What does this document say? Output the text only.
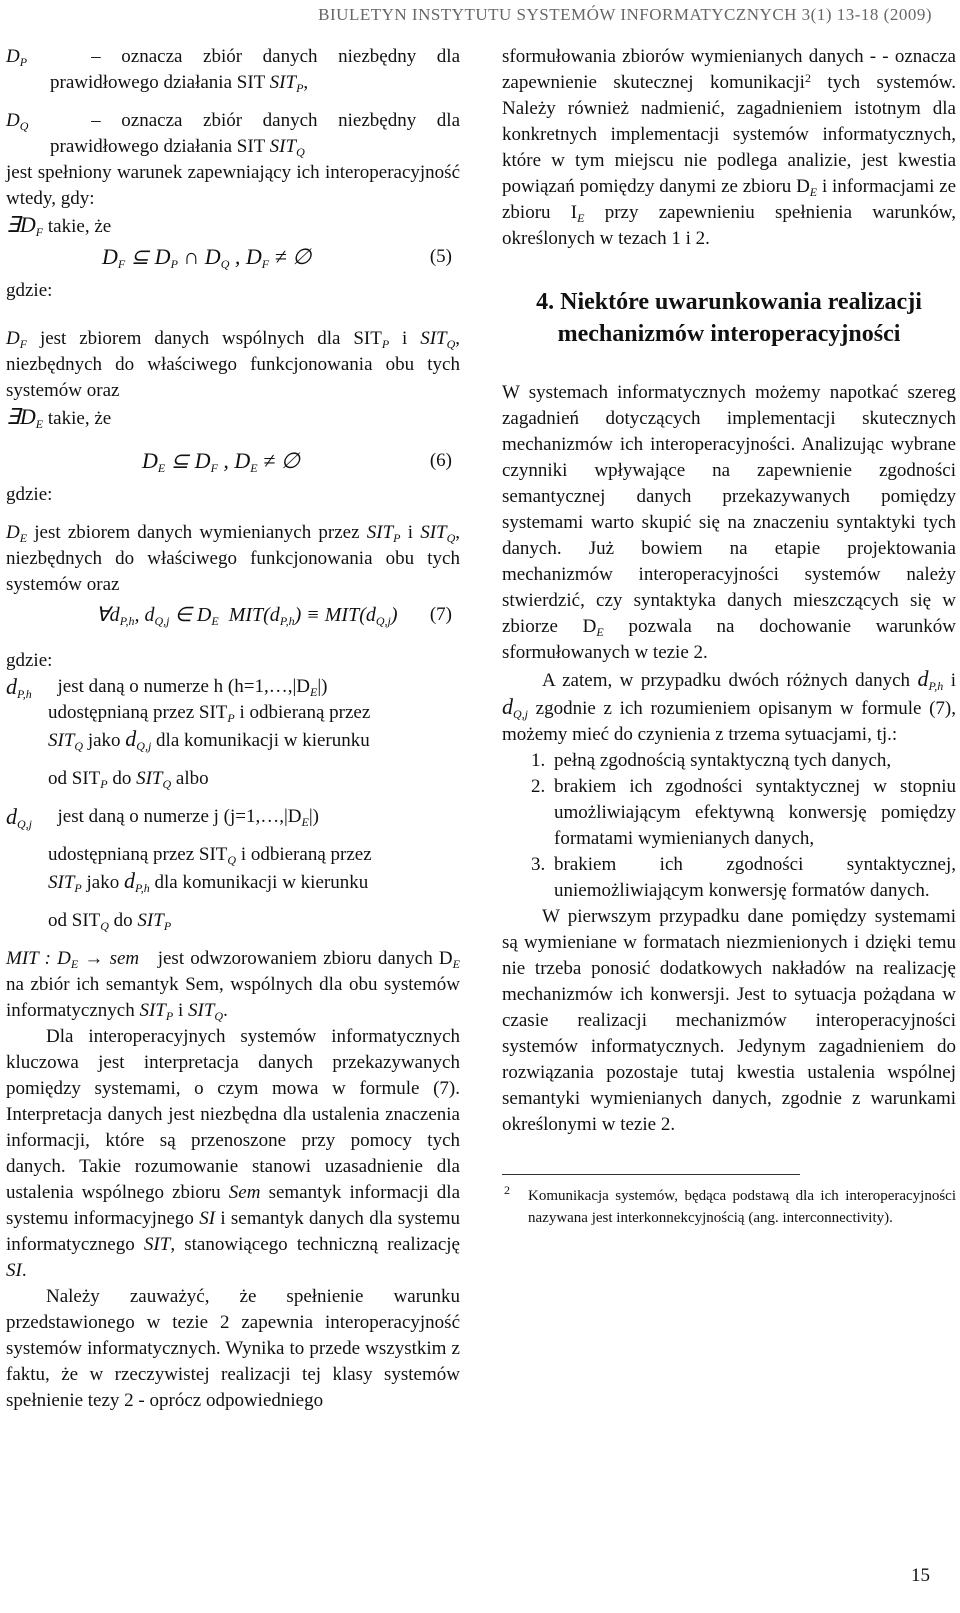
BIULETYN INSTYTUTU SYSTEMÓW INFORMATYCZNYCH 3(1) 13-18 (2009)

$D_P$ – oznacza zbiór danych niezbędny dla prawidłowego działania SIT $SIT_P$,

$D_Q$ – oznacza zbiór danych niezbędny dla prawidłowego działania SIT $SIT_Q$

jest spełniony warunek zapewniający ich interoperacyjność wtedy, gdy:

$\exists D_F$ takie, że

$D_F$ ⊆ $D_P$ ∩ $D_Q$ , $D_F$ ≠ ∅	(5)

gdzie:

$D_F$ jest zbiorem danych wspólnych dla $SIT_P$ i $SIT_Q$, niezbędnych do właściwego funkcjonowania obu tych systemów oraz

$\exists D_E$ takie, że

$D_E$ ⊆ $D_F$ , $D_E$ ≠ ∅	(6)

gdzie:

$D_E$ jest zbiorem danych wymienianych przez $SIT_P$ i $SIT_Q$, niezbędnych do właściwego funkcjonowania obu tych systemów oraz

$\forall d_{P,h}$, $d_{Q,j}$ ∈ $D_E$  $MIT(d_{P,h}) \equiv MIT(d_{Q,j})$ (7)

gdzie:

$d_{P,h}$	jest daną o numerze h $(h=1,\dots,|D_E|)$

udostępnianą przez $SIT_P$ i odbieraną przez

$SIT_Q$ jako $d_{Q,j}$ dla komunikacji w kierunku

od $SIT_P$ do $SIT_Q$ albo

$d_{Q,j}$	jest daną o numerze j $(j=1,\dots,|D_E|)$

udostępnianą przez $SIT_Q$ i odbieraną przez

$SIT_P$ jako $d_{P,h}$ dla komunikacji w kierunku

od $SIT_Q$ do $SIT_P$

MIT : $D_E$ → sem jest odwzorowaniem zbioru danych $D_E$ na zbiór ich semantyk Sem, wspólnych dla obu systemów informatycznych $SIT_P$ i $SIT_Q$.

Dla interoperacyjnych systemów informatycznych kluczowa jest interpretacja danych przekazywanych pomiędzy systemami, o czym mowa w formule (7). Interpretacja danych jest niezbędna dla ustalenia znaczenia informacji, które są przenoszone przy pomocy tych danych. Takie rozumowanie stanowi uzasadnienie dla ustalenia wspólnego zbioru Sem semantyk informacji dla systemu informacyjnego SI i semantyk danych dla systemu informatycznego SIT, stanowiącego techniczną realizację SI.

Należy zauważyć, że spełnienie warunku przedstawionego w tezie 2 zapewnia interoperacyjność systemów informatycznych. Wynika to przede wszystkim z faktu, że w rzeczywistej realizacji tej klasy systemów spełnienie tezy 2 - oprócz odpowiedniego

sformułowania zbiorów wymienianych danych - - oznacza zapewnienie skutecznej komunikacji$^2$ tych systemów. Należy również nadmienić, zagadnieniem istotnym dla konkretnych implementacji systemów informatycznych, które w tym miejscu nie podlega analizie, jest kwestia powiązań pomiędzy danymi ze zbioru $D_E$ i informacjami ze zbioru $I_E$ przy zapewnieniu spełnienia warunków, określonych w tezach 1 i 2.

4. Niektóre uwarunkowania realizacji mechanizmów interoperacyjności

W systemach informatycznych możemy napotkać szereg zagadnień dotyczących implementacji skutecznych mechanizmów ich interoperacyjności. Analizując wybrane czynniki wpływające na zapewnienie zgodności semantycznej danych przekazywanych pomiędzy systemami warto skupić się na znaczeniu syntaktyki tych danych. Już bowiem na etapie projektowania mechanizmów interoperacyjności systemów należy stwierdzić, czy syntaktyka danych mieszczących się w zbiorze $D_E$ pozwala na dochowanie warunków sformułowanych w tezie 2.

A zatem, w przypadku dwóch różnych danych $d_{P,h}$ i $d_{Q,j}$ zgodnie z ich rozumieniem opisanym w formule (7), możemy mieć do czynienia z trzema sytuacjami, tj.:

1. pełną zgodnością syntaktyczną tych danych,
2. brakiem ich zgodności syntaktycznej w stopniu umożliwiającym efektywną konwersję pomiędzy formatami wymienianych danych,
3. brakiem ich zgodności syntaktycznej, uniemożliwiającym konwersję formatów danych.

W pierwszym przypadku dane pomiędzy systemami są wymieniane w formatach niezmienionych i dzięki temu nie trzeba ponosić dodatkowych nakładów na realizację mechanizmów ich konwersji. Jest to sytuacja pożądana w czasie realizacji mechanizmów interoperacyjności systemów informatycznych. Jedynym zagadnieniem do rozwiązania pozostaje tutaj kwestia ustalenia wspólnej semantyki wymienianych danych, zgodnie z warunkami określonymi w tezie 2.

2 Komunikacja systemów, będąca podstawą dla ich interoperacyjności nazywana jest interkonnekcyjnością (ang. interconnectivity).

15
